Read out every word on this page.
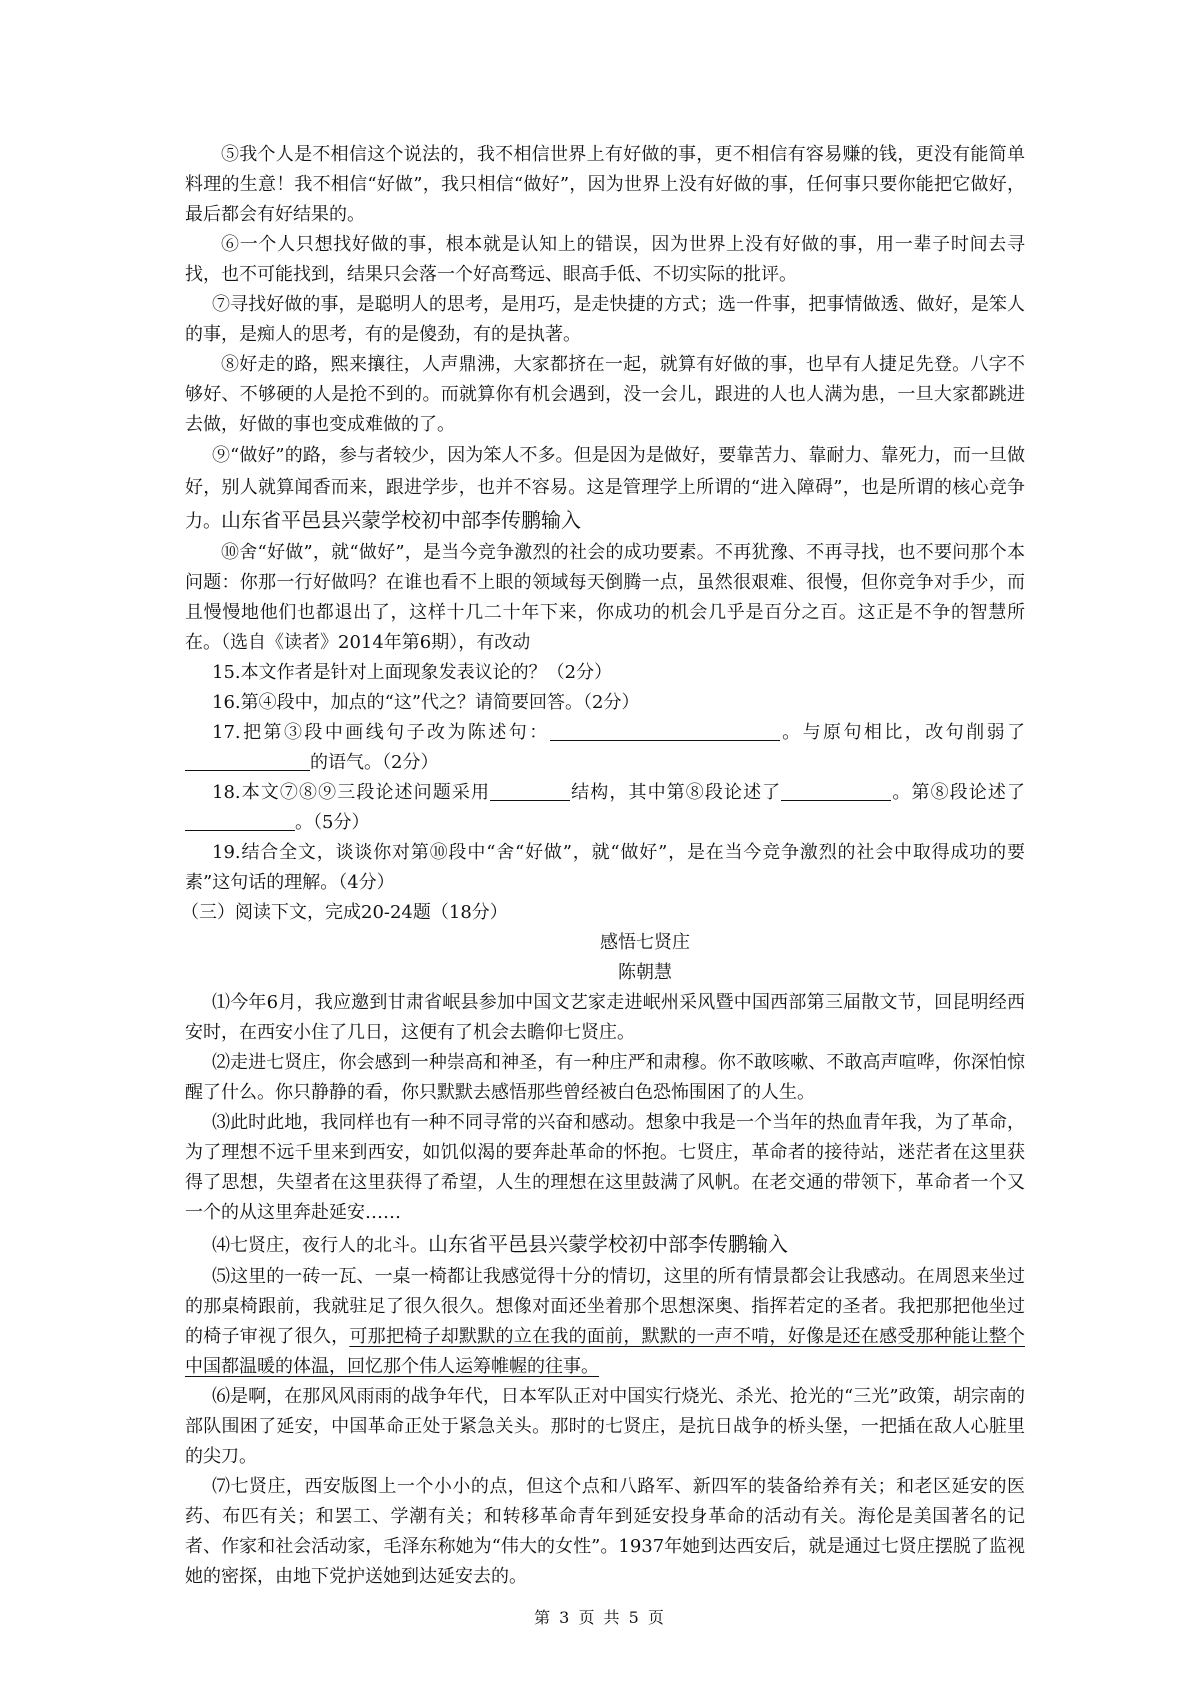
⑤我个人是不相信这个说法的，我不相信世界上有好做的事，更不相信有容易赚的钱，更没有能简单料理的生意！我不相信“好做”，我只相信“做好”，因为世界上没有好做的事，任何事只要你能把它做好，最后都会有好结果的。

⑥一个人只想找好做的事，根本就是认知上的错误，因为世界上没有好做的事，用一辈子时间去寻找，也不可能找到，结果只会落一个好高骛远、眼高手低、不切实际的批评。

⑦寻找好做的事，是聪明人的思考，是用巧，是走快捷的方式；选一件事，把事情做透、做好，是笨人的事，是痴人的思考，有的是傻劲，有的是执著。

⑧好走的路，熙来攘往，人声鼎沸，大家都挤在一起，就算有好做的事，也早有人捷足先登。八字不够好、不够硬的人是抢不到的。而就算你有机会遇到，没一会儿，跟进的人也人满为患，一旦大家都跳进去做，好做的事也变成难做的了。

⑨“做好”的路，参与者较少，因为笨人不多。但是因为是做好，要靠苦力、靠耐力、靠死力，而一旦做好，别人就算闻香而来，跟进学步，也并不容易。这是管理学上所谓的“进入障碍”，也是所谓的核心竞争力。山东省平邑县兴蒙学校初中部李传鹏输入

⑩舍“好做”，就“做好”，是当今竞争激烈的社会的成功要素。不再犹豫、不再寻找，也不要问那个本问题：你那一行好做吗？在谁也看不上眼的领域每天倒腾一点，虽然很艰难、很慢，但你竞争对手少，而且慢慢地他们也都退出了，这样十几二十年下来，你成功的机会几乎是百分之百。这正是不争的智慧所在。（选自《读者》2014年第6期），有改动

15.本文作者是针对上面现象发表议论的？（2分）

16.第④段中，加点的“这”代之？请简要回答。（2分）

17.把第③段中画线句子改为陈述句：	。与原句相比，改句削弱了的语气。（2分）

18.本文⑦⑧⑨三段论述问题采用	结构，其中第⑧段论述了	。第⑧段论述了。（5分）

19.结合全文，谈谈你对第⑩段中“舍“好做”，就“做好”，是在当今竞争激烈的社会中取得成功的要素”这句话的理解。（4分）

（三）阅读下文，完成20-24题（18分）

感悟七贤庄

陈朝慧

⑴今年6月，我应邀到甘肃省岷县参加中国文艺家走进岷州采风暨中国西部第三届散文节，回昆明经西安时，在西安小住了几日，这便有了机会去瞻仰七贤庄。

⑵走进七贤庄，你会感到一种崇高和神圣，有一种庄严和肃穆。你不敢咳嗽、不敢高声喧哗，你深怕惊醒了什么。你只静静的看，你只默默去感悟那些曾经被白色恐怖围困了的人生。

⑶此时此地，我同样也有一种不同寻常的兴奋和感动。想象中我是一个当年的热血青年我，为了革命，为了理想不远千里来到西安，如饥似渴的要奔赴革命的怀抱。七贤庄，革命者的接待站，迷茫者在这里获得了思想，失望者在这里获得了希望，人生的理想在这里鼓满了风帆。在老交通的带领下，革命者一个又一个的从这里奔赴延安……

⑷七贤庄，夜行人的北斗。山东省平邑县兴蒙学校初中部李传鹏输入

⑸这里的一砖一瓦、一桌一椅都让我感觉得十分的情切，这里的所有情景都会让我感动。在周恩来坐过的那桌椅跟前，我就驻足了很久很久。想像对面还坐着那个思想深奥、指挥若定的圣者。我把那把他坐过的椅子审视了很久，可那把椅子却默默的立在我的面前，默默的一声不啃，好像是还在感受那种能让整个中国都温暖的体温，回忆那个伟人运筹帷幄的往事。

⑹是啊，在那风风雨雨的战争年代，日本军队正对中国实行烧光、杀光、抢光的“三光”政策，胡宗南的部队围困了延安，中国革命正处于紧急关头。那时的七贤庄，是抗日战争的桥头堡，一把插在敌人心脏里的尖刀。

⑺七贤庄，西安版图上一个小小的点，但这个点和八路军、新四军的装备给养有关；和老区延安的医药、布匹有关；和罢工、学潮有关；和转移革命青年到延安投身革命的活动有关。海伦是美国著名的记者、作家和社会活动家，毛泽东称她为“伟大的女性”。1937年她到达西安后，就是通过七贤庄摆脱了监视她的密探，由地下党护送她到达延安去的。

第 3 页 共 5 页
